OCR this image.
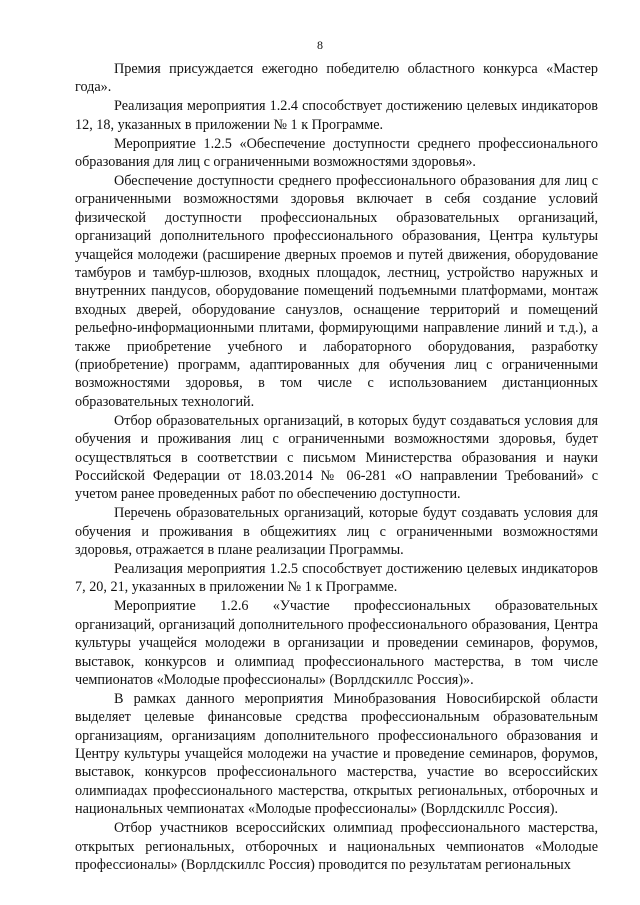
8

Премия присуждается ежегодно победителю областного конкурса «Мастер года».

Реализация мероприятия 1.2.4 способствует достижению целевых индикаторов 12, 18, указанных в приложении № 1 к Программе.

Мероприятие 1.2.5 «Обеспечение доступности среднего профессионального образования для лиц с ограниченными возможностями здоровья».

Обеспечение доступности среднего профессионального образования для лиц с ограниченными возможностями здоровья включает в себя создание условий физической доступности профессиональных образовательных организаций, организаций дополнительного профессионального образования, Центра культуры учащейся молодежи (расширение дверных проемов и путей движения, оборудование тамбуров и тамбур-шлюзов, входных площадок, лестниц, устройство наружных и внутренних пандусов, оборудование помещений подъемными платформами, монтаж входных дверей, оборудование санузлов, оснащение территорий и помещений рельефно-информационными плитами, формирующими направление линий и т.д.), а также приобретение учебного и лабораторного оборудования, разработку (приобретение) программ, адаптированных для обучения лиц с ограниченными возможностями здоровья, в том числе с использованием дистанционных образовательных технологий.

Отбор образовательных организаций, в которых будут создаваться условия для обучения и проживания лиц с ограниченными возможностями здоровья, будет осуществляться в соответствии с письмом Министерства образования и науки Российской Федерации от 18.03.2014 № 06-281 «О направлении Требований» с учетом ранее проведенных работ по обеспечению доступности.

Перечень образовательных организаций, которые будут создавать условия для обучения и проживания в общежитиях лиц с ограниченными возможностями здоровья, отражается в плане реализации Программы.

Реализация мероприятия 1.2.5 способствует достижению целевых индикаторов 7, 20, 21, указанных в приложении № 1 к Программе.

Мероприятие 1.2.6 «Участие профессиональных образовательных организаций, организаций дополнительного профессионального образования, Центра культуры учащейся молодежи в организации и проведении семинаров, форумов, выставок, конкурсов и олимпиад профессионального мастерства, в том числе чемпионатов «Молодые профессионалы» (Ворлдскиллс Россия)».

В рамках данного мероприятия Минобразования Новосибирской области выделяет целевые финансовые средства профессиональным образовательным организациям, организациям дополнительного профессионального образования и Центру культуры учащейся молодежи на участие и проведение семинаров, форумов, выставок, конкурсов профессионального мастерства, участие во всероссийских олимпиадах профессионального мастерства, открытых региональных, отборочных и национальных чемпионатах «Молодые профессионалы» (Ворлдскиллс Россия).

Отбор участников всероссийских олимпиад профессионального мастерства, открытых региональных, отборочных и национальных чемпионатов «Молодые профессионалы» (Ворлдскиллс Россия) проводится по результатам региональных
